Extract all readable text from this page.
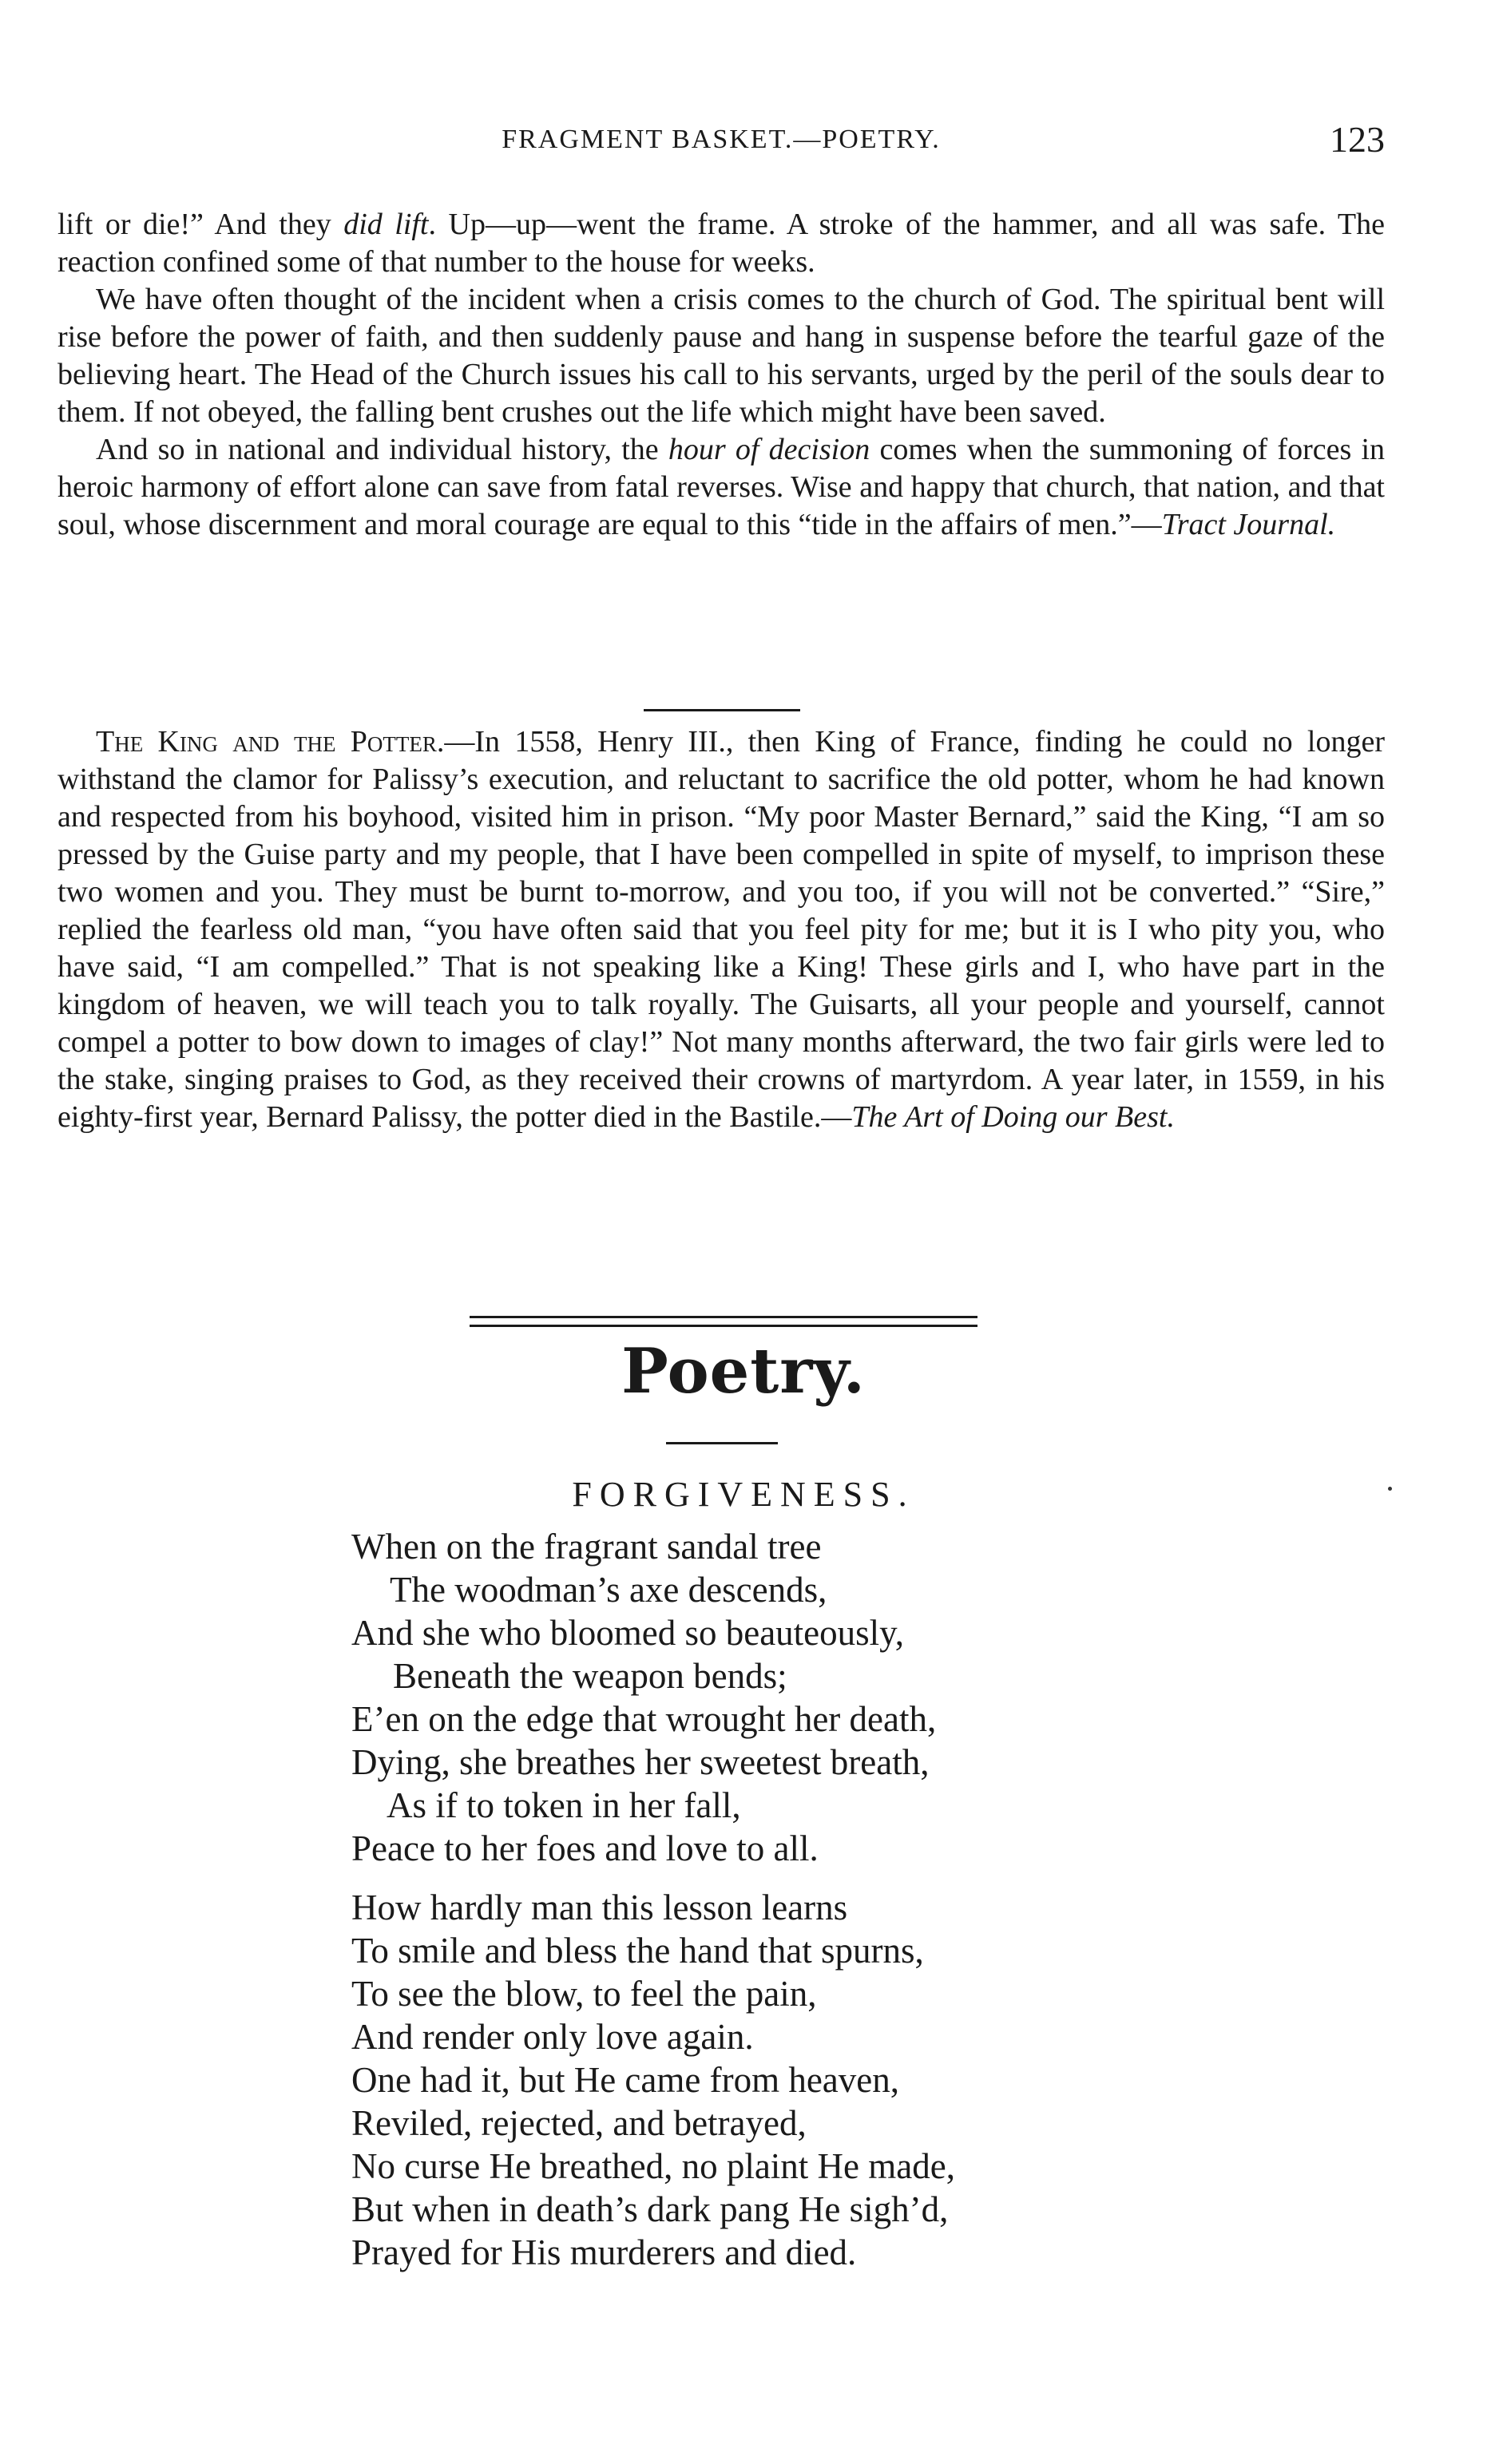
FRAGMENT BASKET.—POETRY.	123

lift or die!” And they did lift. Up—up—went the frame. A stroke of the hammer, and all was safe. The reaction confined some of that number to the house for weeks.

We have often thought of the incident when a crisis comes to the church of God. The spiritual bent will rise before the power of faith, and then suddenly pause and hang in suspense before the tearful gaze of the believing heart. The Head of the Church issues his call to his servants, urged by the peril of the souls dear to them. If not obeyed, the falling bent crushes out the life which might have been saved.

And so in national and individual history, the hour of decision comes when the summoning of forces in heroic harmony of effort alone can save from fatal reverses. Wise and happy that church, that nation, and that soul, whose discernment and moral courage are equal to this “tide in the affairs of men.”—Tract Journal.

The King and the Potter.—In 1558, Henry III., then King of France, finding he could no longer withstand the clamor for Palissy’s execution, and reluctant to sacrifice the old potter, whom he had known and respected from his boyhood, visited him in prison. “My poor Master Bernard,” said the King, “I am so pressed by the Guise party and my people, that I have been compelled in spite of myself, to imprison these two women and you. They must be burnt to-morrow, and you too, if you will not be converted.” “Sire,” replied the fearless old man, “you have often said that you feel pity for me; but it is I who pity you, who have said, “I am compelled.” That is not speaking like a King! These girls and I, who have part in the kingdom of heaven, we will teach you to talk royally. The Guisarts, all your people and yourself, cannot compel a potter to bow down to images of clay!” Not many months afterward, the two fair girls were led to the stake, singing praises to God, as they received their crowns of martyrdom. A year later, in 1559, in his eighty-first year, Bernard Palissy, the potter died in the Bastile.—The Art of Doing our Best.

Poetry.
FORGIVENESS.
When on the fragrant sandal tree
The woodman’s axe descends,
And she who bloomed so beauteously,
Beneath the weapon bends;
E’en on the edge that wrought her death,
Dying, she breathes her sweetest breath,
As if to token in her fall,
Peace to her foes and love to all.
How hardly man this lesson learns
To smile and bless the hand that spurns,
To see the blow, to feel the pain,
And render only love again.
One had it, but He came from heaven,
Reviled, rejected, and betrayed,
No curse He breathed, no plaint He made,
But when in death’s dark pang He sigh’d,
Prayed for His murderers and died.
